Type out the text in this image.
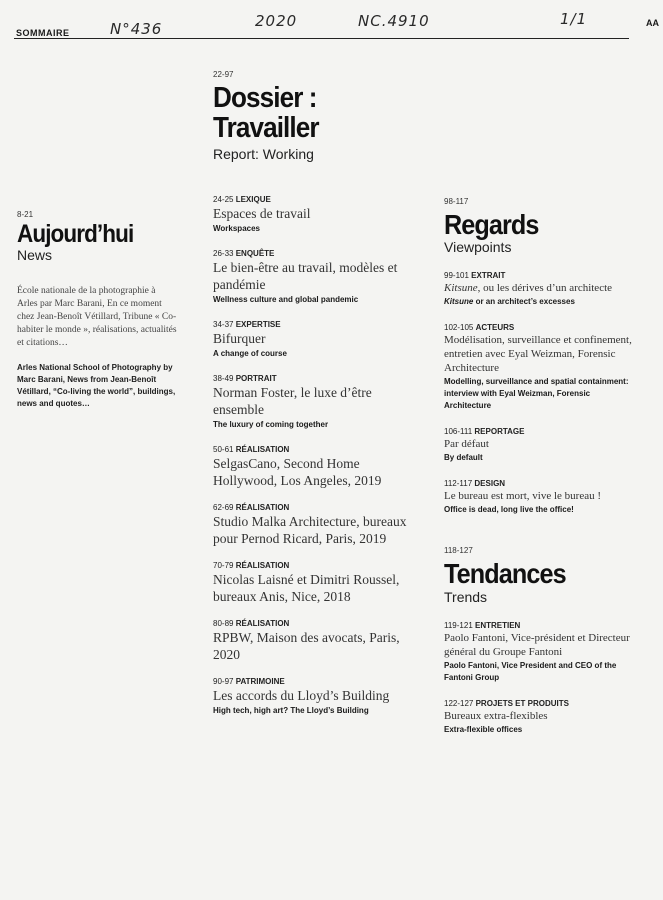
SOMMAIRE	N°436	2020	NC.4910	1/1	AA
8-21
Aujourd’hui
News
École nationale de la photographie à Arles par Marc Barani, En ce moment chez Jean-Benoît Vétillard, Tribune « Co-habiter le monde », réalisations, actualités et citations…
Arles National School of Photography by Marc Barani, News from Jean-Benoît Vétillard, “Co-living the world”, buildings, news and quotes…
22-97
Dossier :
Travailler
Report: Working
24-25 LEXIQUE
Espaces de travail
Workspaces
26-33 ENQUÊTE
Le bien-être au travail, modèles et pandémie
Wellness culture and global pandemic
34-37 EXPERTISE
Bifurquer
A change of course
38-49 PORTRAIT
Norman Foster, le luxe d’être ensemble
The luxury of coming together
50-61 RÉALISATION
SelgasCano, Second Home Hollywood, Los Angeles, 2019
62-69 RÉALISATION
Studio Malka Architecture, bureaux pour Pernod Ricard, Paris, 2019
70-79 RÉALISATION
Nicolas Laisné et Dimitri Roussel, bureaux Anis, Nice, 2018
80-89 RÉALISATION
RPBW, Maison des avocats, Paris, 2020
90-97 PATRIMOINE
Les accords du Lloyd’s Building
High tech, high art? The Lloyd’s Building
98-117
Regards
Viewpoints
99-101 EXTRAIT
Kitsune, ou les dérives d’un architecte
Kitsune or an architect’s excesses
102-105 ACTEURS
Modélisation, surveillance et confinement, entretien avec Eyal Weizman, Forensic Architecture
Modelling, surveillance and spatial containment: interview with Eyal Weizman, Forensic Architecture
106-111 REPORTAGE
Par défaut
By default
112-117 DESIGN
Le bureau est mort, vive le bureau !
Office is dead, long live the office!
118-127
Tendances
Trends
119-121 ENTRETIEN
Paolo Fantoni, Vice-président et Directeur général du Groupe Fantoni
Paolo Fantoni, Vice President and CEO of the Fantoni Group
122-127 PROJETS ET PRODUITS
Bureaux extra-flexibles
Extra-flexible offices
